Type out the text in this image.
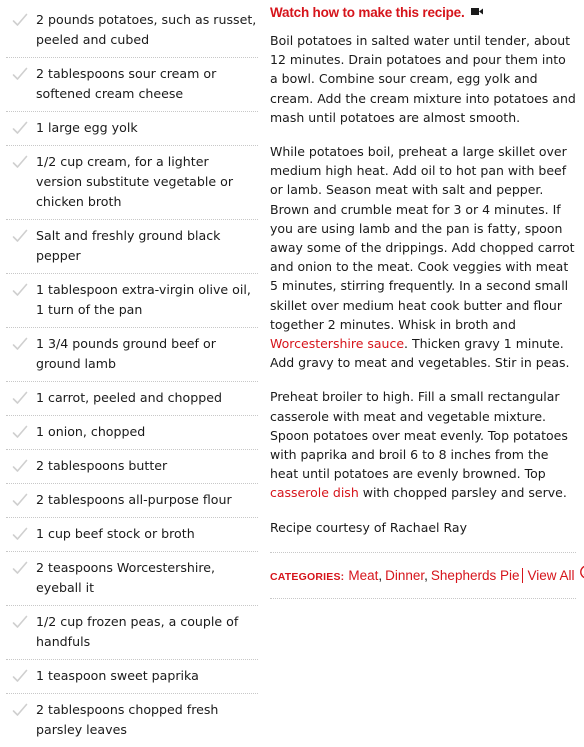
2 pounds potatoes, such as russet, peeled and cubed
2 tablespoons sour cream or softened cream cheese
1 large egg yolk
1/2 cup cream, for a lighter version substitute vegetable or chicken broth
Salt and freshly ground black pepper
1 tablespoon extra-virgin olive oil, 1 turn of the pan
1 3/4 pounds ground beef or ground lamb
1 carrot, peeled and chopped
1 onion, chopped
2 tablespoons butter
2 tablespoons all-purpose flour
1 cup beef stock or broth
2 teaspoons Worcestershire, eyeball it
1/2 cup frozen peas, a couple of handfuls
1 teaspoon sweet paprika
2 tablespoons chopped fresh parsley leaves
Watch how to make this recipe.

Boil potatoes in salted water until tender, about 12 minutes. Drain potatoes and pour them into a bowl. Combine sour cream, egg yolk and cream. Add the cream mixture into potatoes and mash until potatoes are almost smooth.

While potatoes boil, preheat a large skillet over medium high heat. Add oil to hot pan with beef or lamb. Season meat with salt and pepper. Brown and crumble meat for 3 or 4 minutes. If you are using lamb and the pan is fatty, spoon away some of the drippings. Add chopped carrot and onion to the meat. Cook veggies with meat 5 minutes, stirring frequently. In a second small skillet over medium heat cook butter and flour together 2 minutes. Whisk in broth and Worcestershire sauce. Thicken gravy 1 minute. Add gravy to meat and vegetables. Stir in peas.

Preheat broiler to high. Fill a small rectangular casserole with meat and vegetable mixture. Spoon potatoes over meat evenly. Top potatoes with paprika and broil 6 to 8 inches from the heat until potatoes are evenly browned. Top casserole dish with chopped parsley and serve.

Recipe courtesy of Rachael Ray

CATEGORIES: Meat, Dinner, Shepherds Pie View All
